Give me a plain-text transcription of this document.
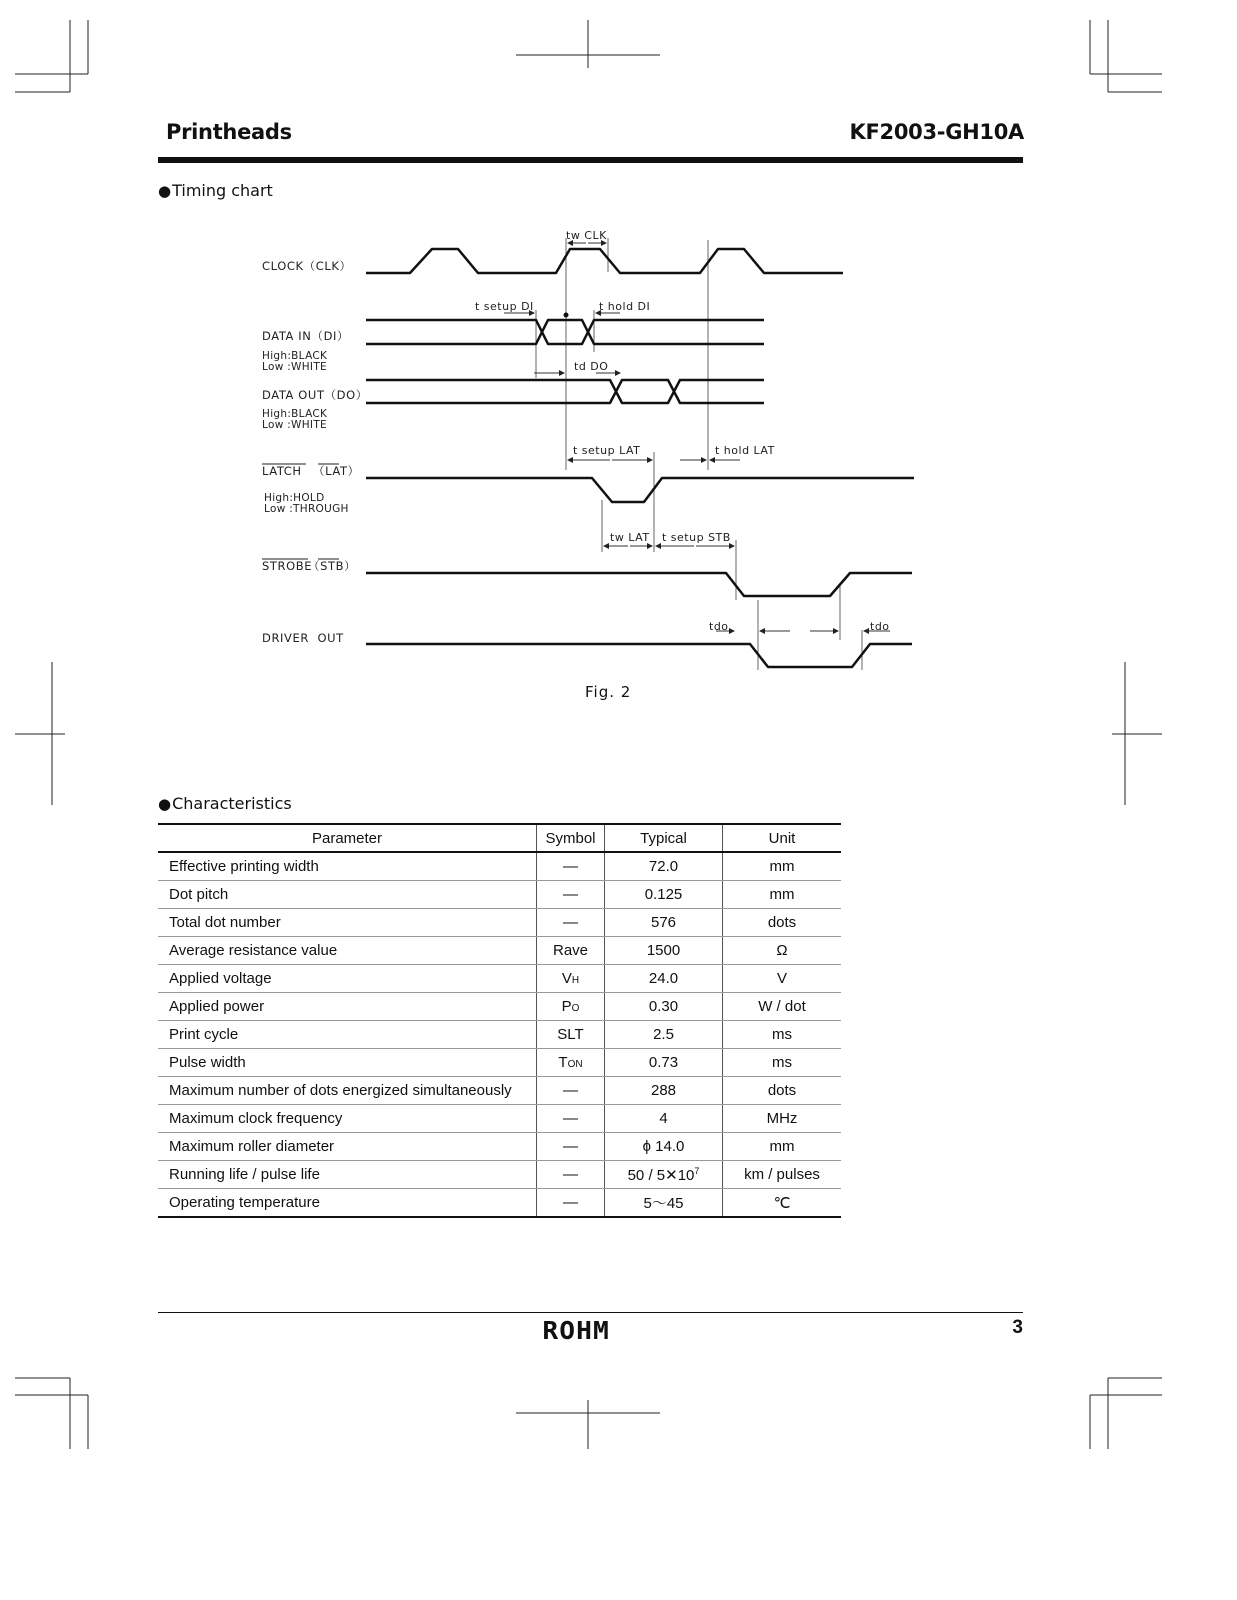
Printheads	KF2003-GH10A
●Timing chart
CLOCK（CLK）
DATA IN（DI）
DATA OUT（DO）
LATCH （LAT）
STROBE
（STB）
DRIVER  OUT
High:BLACK
Low :WHITE
High:BLACK
Low :WHITE
High:HOLD
Low :THROUGH
tw CLK
t setup DI	t hold DI
td DO
t setup LAT	t hold LAT
tw LAT t setup STB
tdo	tdo
Fig. 2
●Characteristics
Parameter	Symbol	Typical	Unit
Effective printing width	—	72.0	mm
Dot pitch	—	0.125	mm
Total dot number	—	576	dots
Average resistance value	Rave	1500	Ω
Applied voltage	VH	24.0	V
Applied power	PO	0.30	W / dot
Print cycle	SLT	2.5	ms
Pulse width	TON	0.73	ms
Maximum number of dots energized simultaneously	—	288	dots
Maximum clock frequency	—	4	MHz
Maximum roller diameter	—	ϕ 14.0	mm
Running life / pulse life	—	$50 / 5✕10^7$	km / pulses
Operating temperature	—	5〜45	℃
ROHM	3
